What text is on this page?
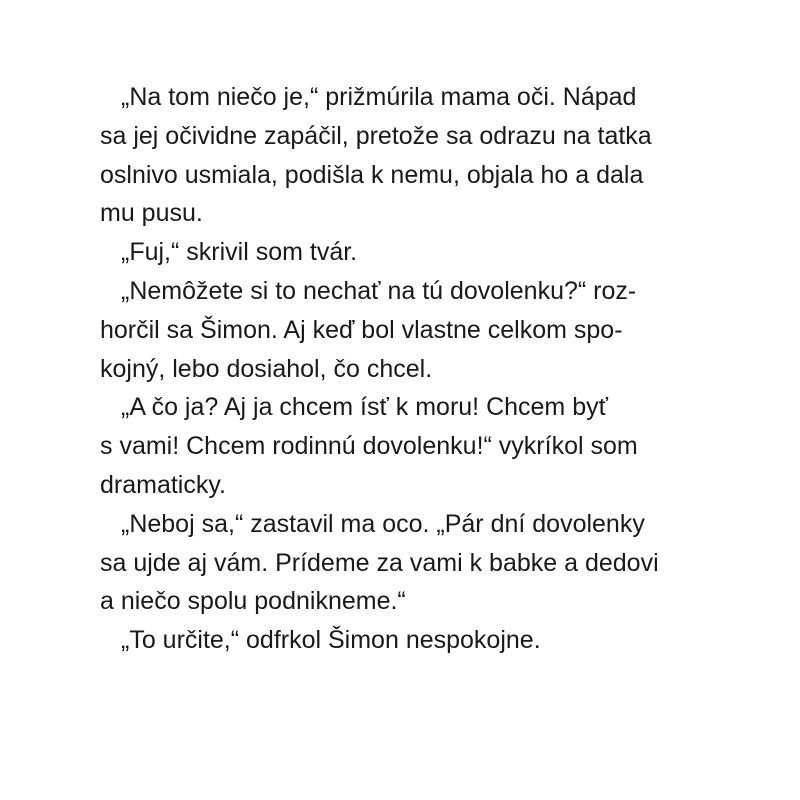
„Na tom niečo je,“ prižmúrila mama oči. Nápad
sa jej očividne zapáčil, pretože sa odrazu na tatka
oslnivo usmiala, podišla k nemu, objala ho a dala
mu pusu.
„Fuj,“ skrivil som tvár.
„Nemôžete si to nechať na tú dovolenku?“ roz-
horčil sa Šimon. Aj keď bol vlastne celkom spo-
kojný, lebo dosiahol, čo chcel.
„A čo ja? Aj ja chcem ísť k moru! Chcem byť
s vami! Chcem rodinnú dovolenku!“ vykríkol som
dramaticky.
„Neboj sa,“ zastavil ma oco. „Pár dní dovolenky
sa ujde aj vám. Prídeme za vami k babke a dedovi
a niečo spolu podnikneme.“
„To určite,“ odfrkol Šimon nespokojne.
